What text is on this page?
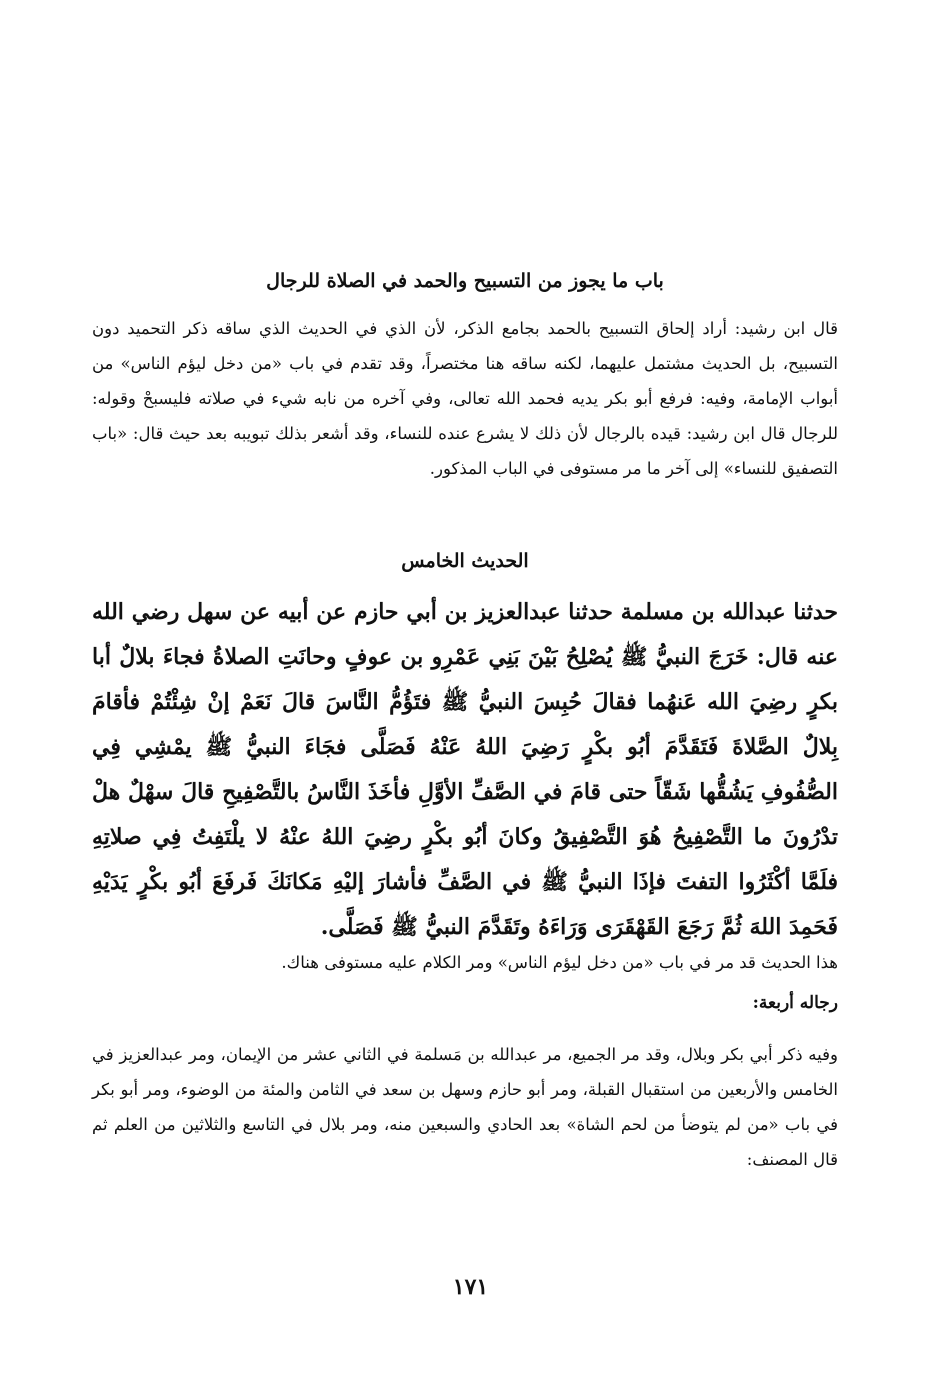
باب ما يجوز من التسبيح والحمد في الصلاة للرجال

قال ابن رشيد: أراد إلحاق التسبيح بالحمد بجامع الذكر، لأن الذي في الحديث الذي ساقه ذكر التحميد دون التسبيح، بل الحديث مشتمل عليهما، لكنه ساقه هنا مختصراً، وقد تقدم في باب «من دخل ليؤم الناس» من أبواب الإمامة، وفيه: فرفع أبو بكر يديه فحمد الله تعالى، وفي آخره من نابه شيء في صلاته فليسبحْ وقوله: للرجال قال ابن رشيد: قيده بالرجال لأن ذلك لا يشرع عنده للنساء، وقد أشعر بذلك تبويبه بعد حيث قال: «باب التصفيق للنساء» إلى آخر ما مر مستوفى في الباب المذكور.

الحديث الخامس

حدثنا عبدالله بن مسلمة حدثنا عبدالعزيز بن أبي حازم عن أبيه عن سهل رضي الله عنه قال: خَرَجَ النبيُّ ﷺ يُصْلِحُ بَيْنَ بَنِي عَمْرِو بن عوفٍ وحانَتِ الصلاةُ فجاءَ بلالٌ أبا بكرٍ رضِيَ الله عَنهُما فقالَ حُبِسَ النبيُّ ﷺ فتَؤُمُّ النَّاسَ قالَ نَعَمْ إنْ شِئْتُمْ فأقامَ بِلالٌ الصَّلاةَ فَتَقَدَّمَ أبُو بكْرٍ رَضِيَ اللهُ عَنْهُ فَصَلَّى فجَاءَ النبيُّ ﷺ يمْشِي فِي الصُّفُوفِ يَشُقُّها شَقّاً حتى قامَ في الصَّفِّ الأوَّلِ فأخَذَ النَّاسُ بالتَّصْفِيحِ قالَ سهْلٌ هلْ تدْرُونَ ما التَّصْفِيحُ هُوَ التَّصْفِيقُ وكانَ أبُو بكْرٍ رضِيَ اللهُ عنْهُ لا يلْتَفِتُ فِي صلاتِهِ فلَمَّا أكْثَرُوا التفتَ فإذَا النبيُّ ﷺ في الصَّفِّ فأشارَ إليْهِ مَكانَكَ فَرفَعَ أبُو بكْرٍ يَدَيْهِ فَحَمِدَ اللهَ ثُمَّ رَجَعَ القَهْقَرَى وَرَاءَهُ وتَقَدَّمَ النبيُّ ﷺ فَصَلَّى.

هذا الحديث قد مر في باب «من دخل ليؤم الناس» ومر الكلام عليه مستوفى هناك.

رجاله أربعة:

وفيه ذكر أبي بكر وبلال، وقد مر الجميع، مر عبدالله بن مَسلمة في الثاني عشر من الإيمان، ومر عبدالعزيز في الخامس والأربعين من استقبال القبلة، ومر أبو حازم وسهل بن سعد في الثامن والمئة من الوضوء، ومر أبو بكر في باب «من لم يتوضأ من لحم الشاة» بعد الحادي والسبعين منه، ومر بلال في التاسع والثلاثين من العلم ثم قال المصنف:

١٧١
